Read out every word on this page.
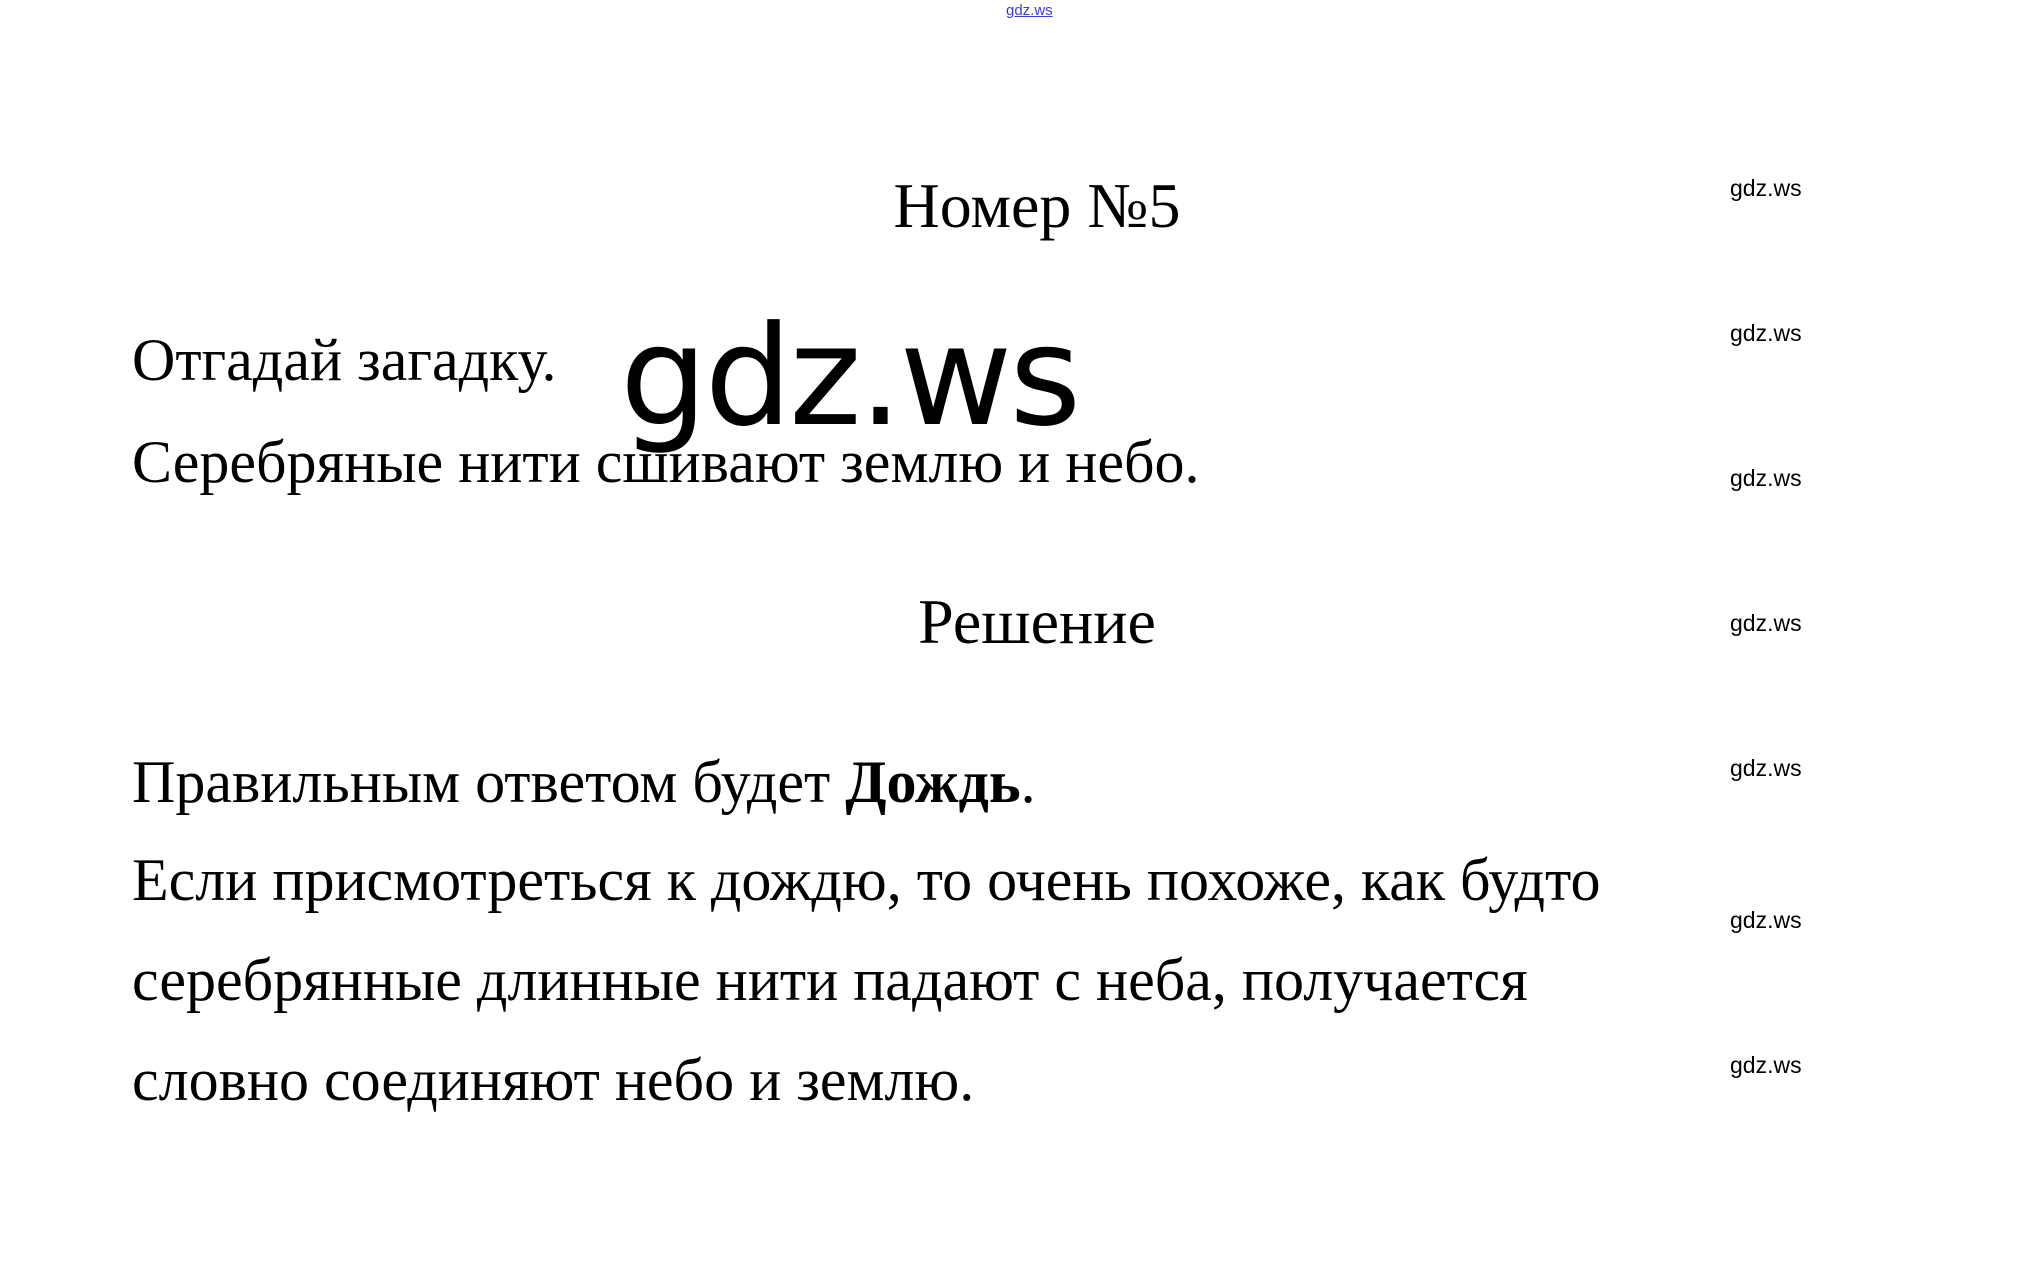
gdz.ws
Номер №5

Отгадай загадку.

Серебряные нити сшивают землю и небо.

gdz.ws
Решение

Правильным ответом будет Дождь.

Если присмотреться к дождю, то очень похоже, как будто

серебрянные длинные нити падают с неба, получается

словно соединяют небо и землю.

gdz.ws
gdz.ws
gdz.ws
gdz.ws
gdz.ws
gdz.ws
gdz.ws
